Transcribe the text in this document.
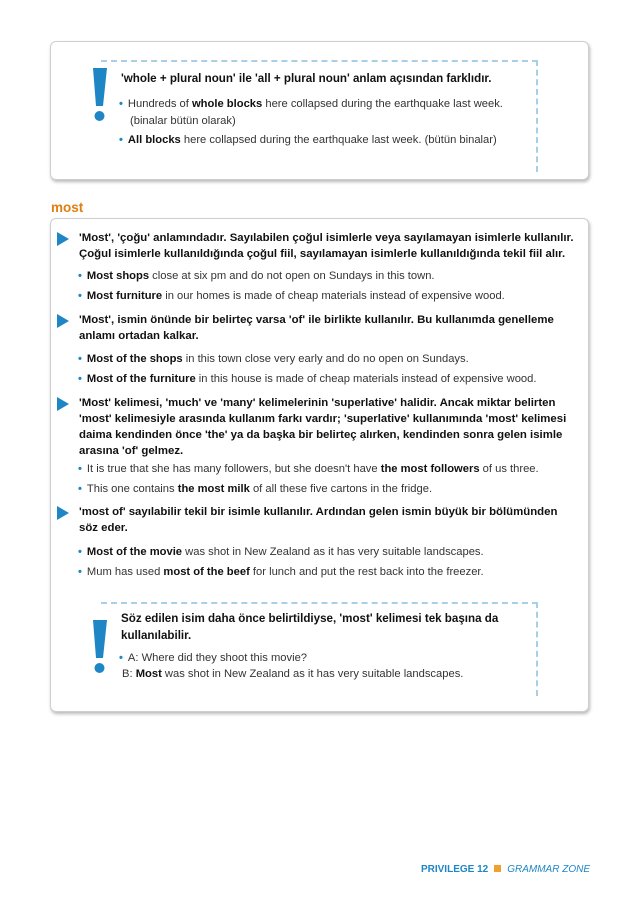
'whole + plural noun' ile 'all + plural noun' anlam açısından farklıdır.
• Hundreds of whole blocks here collapsed during the earthquake last week.
(binalar bütün olarak)
• All blocks here collapsed during the earthquake last week. (bütün binalar)
most
'Most', 'çoğu' anlamındadır. Sayılabilen çoğul isimlerle veya sayılamayan isimlerle kullanılır.
Çoğul isimlerle kullanıldığında çoğul fiil, sayılamayan isimlerle kullanıldığında tekil fiil alır.
• Most shops close at six pm and do not open on Sundays in this town.
• Most furniture in our homes is made of cheap materials instead of expensive wood.
'Most', ismin önünde bir belirteç varsa 'of' ile birlikte kullanılır. Bu kullanımda genelleme
anlamı ortadan kalkar.
• Most of the shops in this town close very early and do no open on Sundays.
• Most of the furniture in this house is made of cheap materials instead of expensive wood.
'Most' kelimesi, 'much' ve 'many' kelimelerinin 'superlative' halidir. Ancak miktar belirten
'most' kelimesiyle arasında kullanım farkı vardır; 'superlative' kullanımında 'most' kelimesi
daima kendinden önce 'the' ya da başka bir belirteç alırken, kendinden sonra gelen isimle
arasına 'of' gelmez.
• It is true that she has many followers, but she doesn't have the most followers of us three.
• This one contains the most milk of all these five cartons in the fridge.
'most of' sayılabilir tekil bir isimle kullanılır. Ardından gelen ismin büyük bir bölümünden
söz eder.
• Most of the movie was shot in New Zealand as it has very suitable landscapes.
• Mum has used most of the beef for lunch and put the rest back into the freezer.
Söz edilen isim daha önce belirtildiyse, 'most' kelimesi tek başına da
kullanılabilir.
• A: Where did they shoot this movie?
B: Most was shot in New Zealand as it has very suitable landscapes.
PRIVILEGE 12 GRAMMAR ZONE
